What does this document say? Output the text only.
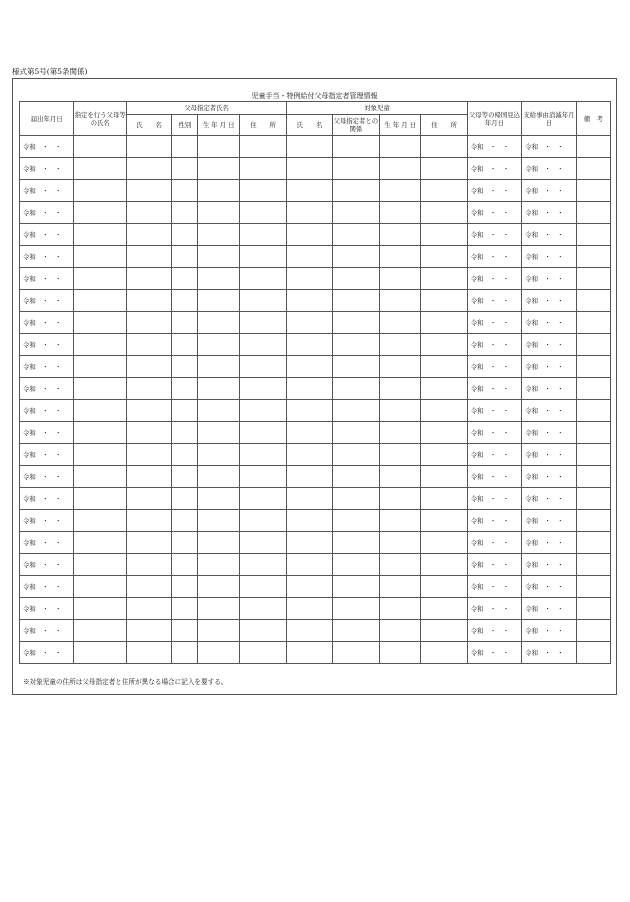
様式第5号(第5条関係)
児童手当・特例給付父母指定者管理情報
届出年月日	指定を行う父母等の氏名	父母指定者氏名				対象児童				父母等の帰国見込年月日	支給事由消滅年月日	備　考
		氏　　名	性別	生 年 月 日	住　　所	氏　　名	父母指定者との関係	生 年 月 日	住　　所			
令和　・　・										令和　・　・	令和　・　・	
令和　・　・										令和　・　・	令和　・　・	
令和　・　・										令和　・　・	令和　・　・	
令和　・　・										令和　・　・	令和　・　・	
令和　・　・										令和　・　・	令和　・　・	
令和　・　・										令和　・　・	令和　・　・	
令和　・　・										令和　・　・	令和　・　・	
令和　・　・										令和　・　・	令和　・　・	
令和　・　・										令和　・　・	令和　・　・	
令和　・　・										令和　・　・	令和　・　・	
令和　・　・										令和　・　・	令和　・　・	
令和　・　・										令和　・　・	令和　・　・	
令和　・　・										令和　・　・	令和　・　・	
令和　・　・										令和　・　・	令和　・　・	
令和　・　・										令和　・　・	令和　・　・	
令和　・　・										令和　・　・	令和　・　・	
令和　・　・										令和　・　・	令和　・　・	
令和　・　・										令和　・　・	令和　・　・	
令和　・　・										令和　・　・	令和　・　・	
令和　・　・										令和　・　・	令和　・　・	
令和　・　・										令和　・　・	令和　・　・	
令和　・　・										令和　・　・	令和　・　・	
令和　・　・										令和　・　・	令和　・　・	
令和　・　・										令和　・　・	令和　・　・	
※対象児童の住所は父母指定者と住所が異なる場合に記入を要する。
